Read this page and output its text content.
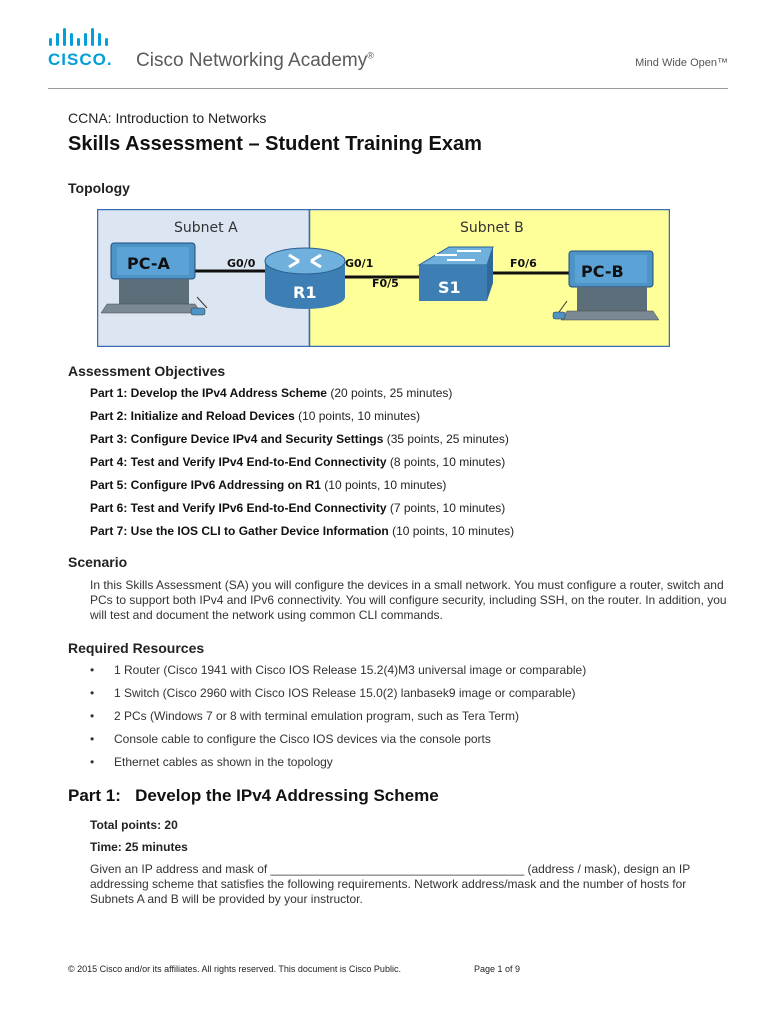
CISCO. Cisco Networking Academy®
Mind Wide Open™
CCNA: Introduction to Networks
Skills Assessment – Student Training Exam
Topology
Subnet A	Subnet B
PC-A
R1	S1
PC-B
G0/0	G0/1
F0/5
F0/6
Assessment Objectives
Part 1: Develop the IPv4 Address Scheme (20 points, 25 minutes)
Part 2: Initialize and Reload Devices (10 points, 10 minutes)
Part 3: Configure Device IPv4 and Security Settings (35 points, 25 minutes)
Part 4: Test and Verify IPv4 End-to-End Connectivity (8 points, 10 minutes)
Part 5: Configure IPv6 Addressing on R1 (10 points, 10 minutes)
Part 6: Test and Verify IPv6 End-to-End Connectivity (7 points, 10 minutes)
Part 7: Use the IOS CLI to Gather Device Information (10 points, 10 minutes)
Scenario
In this Skills Assessment (SA) you will configure the devices in a small network. You must configure a router, switch and PCs to support both IPv4 and IPv6 connectivity. You will configure security, including SSH, on the router. In addition, you will test and document the network using common CLI commands.
Required Resources
• 1 Router (Cisco 1941 with Cisco IOS Release 15.2(4)M3 universal image or comparable)
• 1 Switch (Cisco 2960 with Cisco IOS Release 15.0(2) lanbasek9 image or comparable)
• 2 PCs (Windows 7 or 8 with terminal emulation program, such as Tera Term)
• Console cable to configure the Cisco IOS devices via the console ports
• Ethernet cables as shown in the topology
Part 1:   Develop the IPv4 Addressing Scheme
Total points: 20
Time: 25 minutes
Given an IP address and mask of ______________________________________ (address / mask), design an IP addressing scheme that satisfies the following requirements. Network address/mask and the number of hosts for Subnets A and B will be provided by your instructor.
© 2015 Cisco and/or its affiliates. All rights reserved. This document is Cisco Public.	Page 1 of 9
